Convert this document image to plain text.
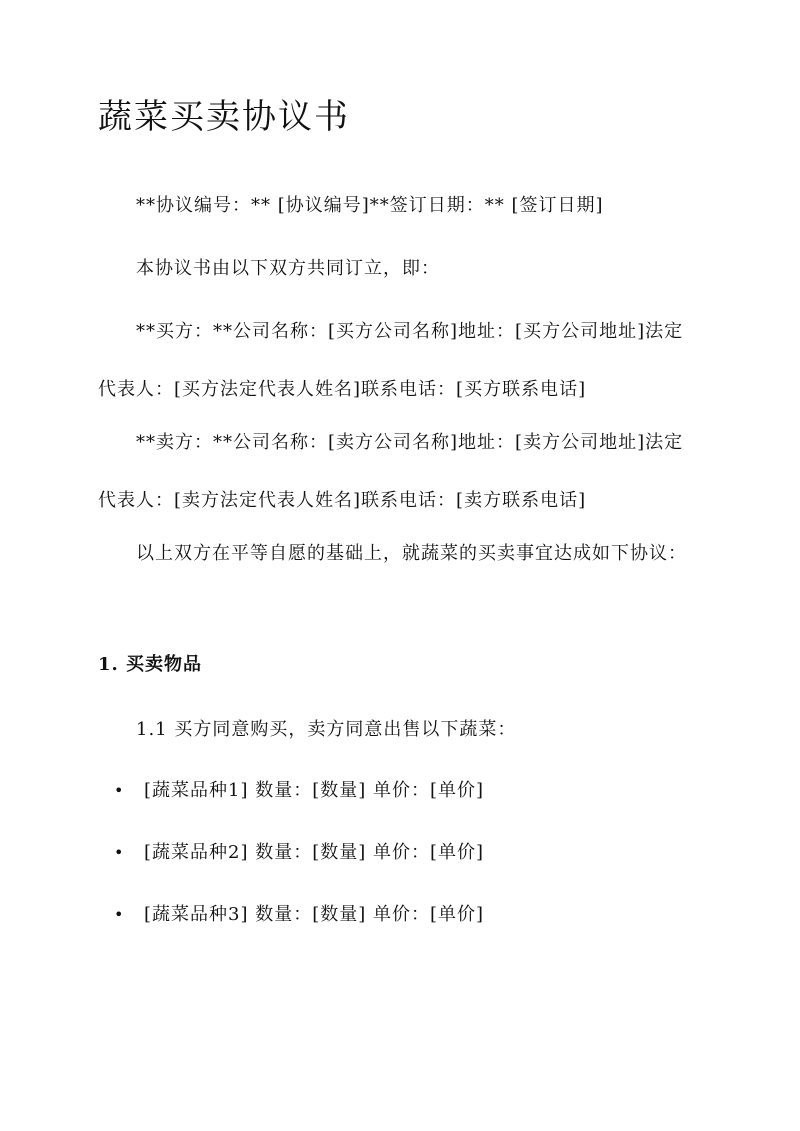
蔬菜买卖协议书

**协议编号：** [协议编号]**签订日期：** [签订日期]

本协议书由以下双方共同订立，即：

**买方：**公司名称：[买方公司名称]地址：[买方公司地址]法定代表人：[买方法定代表人姓名]联系电话：[买方联系电话]

**卖方：**公司名称：[卖方公司名称]地址：[卖方公司地址]法定代表人：[卖方法定代表人姓名]联系电话：[卖方联系电话]

以上双方在平等自愿的基础上，就蔬菜的买卖事宜达成如下协议：

1. 买卖物品

1.1 买方同意购买，卖方同意出售以下蔬菜：

•	[蔬菜品种1] 数量：[数量] 单价：[单价]
•	[蔬菜品种2] 数量：[数量] 单价：[单价]
•	[蔬菜品种3] 数量：[数量] 单价：[单价]
